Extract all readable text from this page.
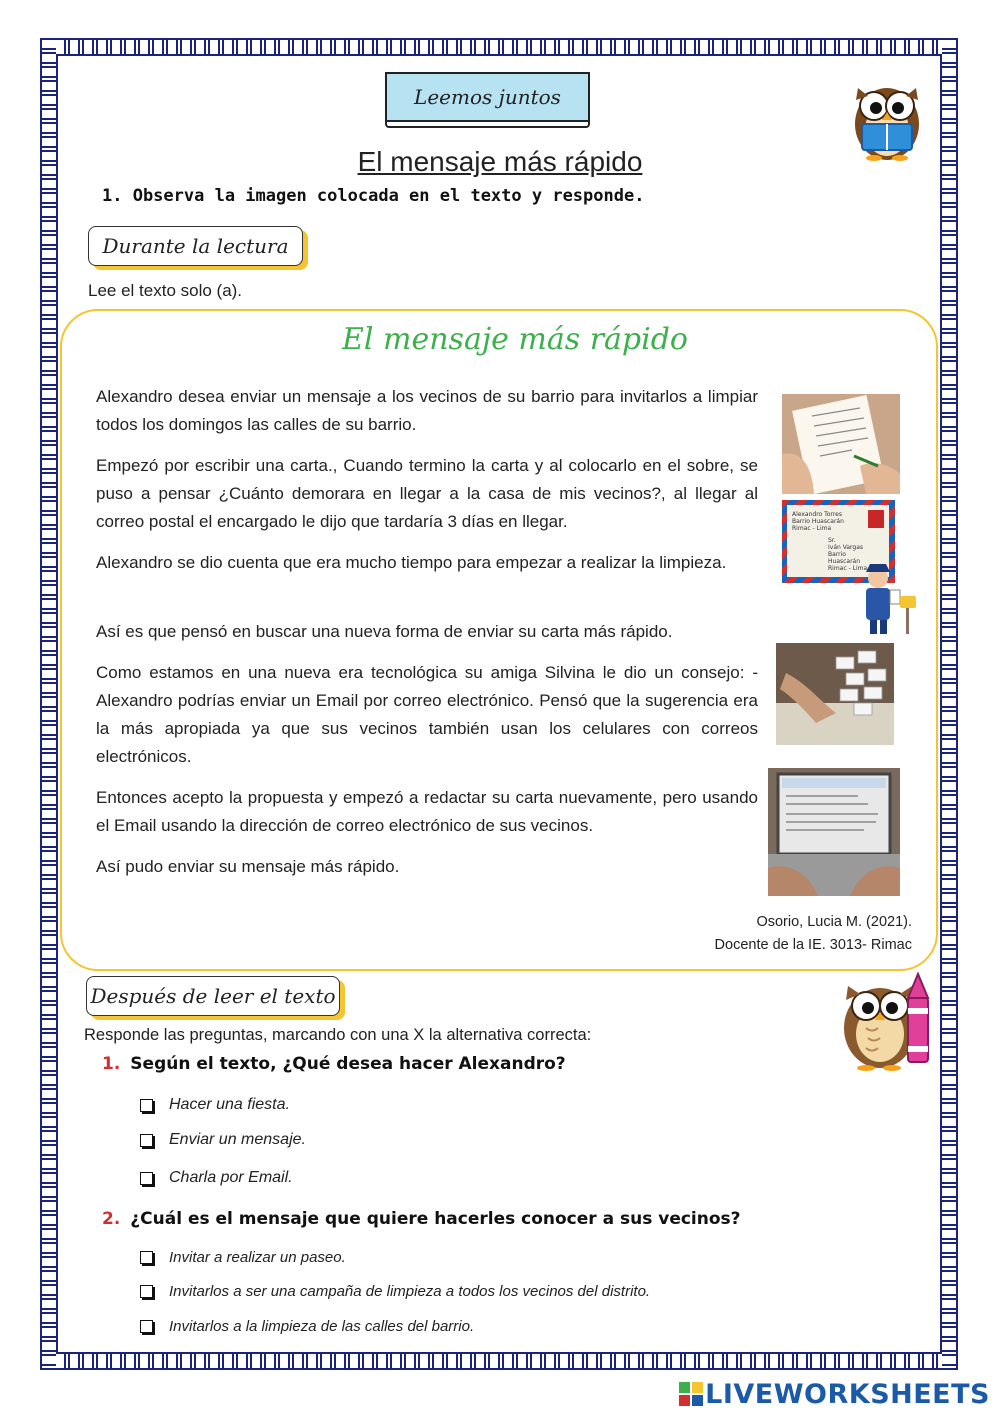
Leemos juntos
El mensaje más rápido
1. Observa la imagen colocada en el texto y responde.
Durante la lectura
Lee el texto solo (a).
El mensaje más rápido
Alexandro desea enviar un mensaje a los vecinos de su barrio para invitarlos a limpiar todos los domingos las calles de su barrio.
Empezó por escribir una carta., Cuando termino la carta y al colocarlo en el sobre, se puso a pensar ¿Cuánto demorara en llegar a la casa de mis vecinos?, al llegar al correo postal el encargado le dijo que tardaría 3 días en llegar.
Alexandro se dio cuenta que era mucho tiempo para empezar a realizar la limpieza.
Así es que pensó en buscar una nueva forma de enviar su carta más rápido.
Como estamos en una nueva era tecnológica su amiga Silvina le dio un consejo: -Alexandro podrías enviar un Email por correo electrónico. Pensó que la sugerencia era la más apropiada ya que sus vecinos también usan los celulares con correos electrónicos.
Entonces acepto la propuesta y empezó a redactar su carta nuevamente, pero usando el Email usando la dirección de correo electrónico de sus vecinos.
Así pudo enviar su mensaje más rápido.
Alexandro Torres
Barrio Huascarán
Rimac - Lima
Sr.
Iván Vargas
Barrio
Huascarán
Rimac - Lima
Osorio, Lucia M. (2021).
Docente de la IE. 3013- Rimac
Después de leer el texto
Responde las preguntas, marcando con una X la alternativa correcta:
1. Según el texto, ¿Qué desea hacer Alexandro?
Hacer una fiesta.
Enviar un mensaje.
Charla por Email.
2. ¿Cuál es el mensaje que quiere hacerles conocer a sus vecinos?
Invitar a realizar un paseo.
Invitarlos a ser una campaña de limpieza a todos los vecinos del distrito.
Invitarlos a la limpieza de las calles del barrio.
LIVEWORKSHEETS
